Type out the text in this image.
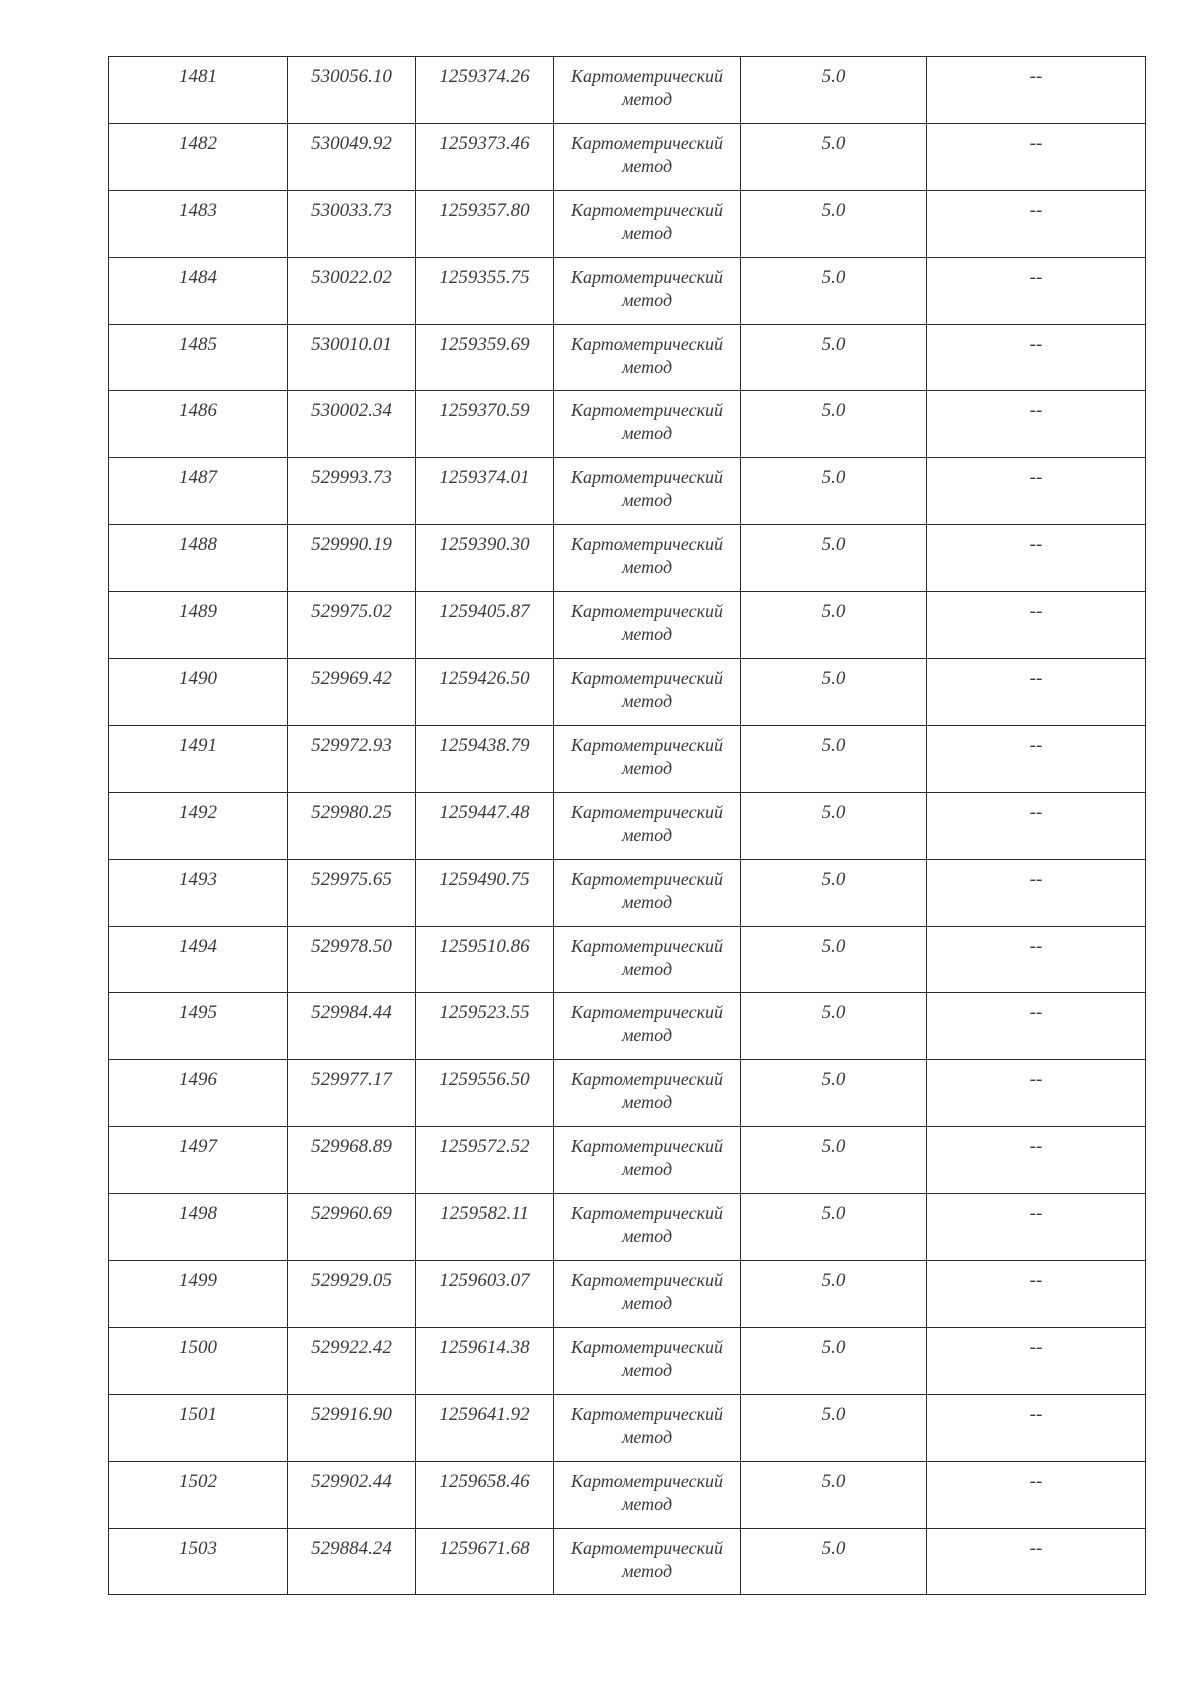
1481	530056.10	1259374.26	Картометрический
метод	5.0	--

1482	530049.92	1259373.46	Картометрический
метод	5.0	--

1483	530033.73	1259357.80	Картометрический
метод	5.0	--

1484	530022.02	1259355.75	Картометрический
метод	5.0	--

1485	530010.01	1259359.69	Картометрический
метод	5.0	--

1486	530002.34	1259370.59	Картометрический
метод	5.0	--

1487	529993.73	1259374.01	Картометрический
метод	5.0	--

1488	529990.19	1259390.30	Картометрический
метод	5.0	--

1489	529975.02	1259405.87	Картометрический
метод	5.0	--

1490	529969.42	1259426.50	Картометрический
метод	5.0	--

1491	529972.93	1259438.79	Картометрический
метод	5.0	--

1492	529980.25	1259447.48	Картометрический
метод	5.0	--

1493	529975.65	1259490.75	Картометрический
метод	5.0	--

1494	529978.50	1259510.86	Картометрический
метод	5.0	--

1495	529984.44	1259523.55	Картометрический
метод	5.0	--

1496	529977.17	1259556.50	Картометрический
метод	5.0	--

1497	529968.89	1259572.52	Картометрический
метод	5.0	--

1498	529960.69	1259582.11	Картометрический
метод	5.0	--

1499	529929.05	1259603.07	Картометрический
метод	5.0	--

1500	529922.42	1259614.38	Картометрический
метод	5.0	--

1501	529916.90	1259641.92	Картометрический
метод	5.0	--

1502	529902.44	1259658.46	Картометрический
метод	5.0	--

1503	529884.24	1259671.68	Картометрический
метод	5.0	--
